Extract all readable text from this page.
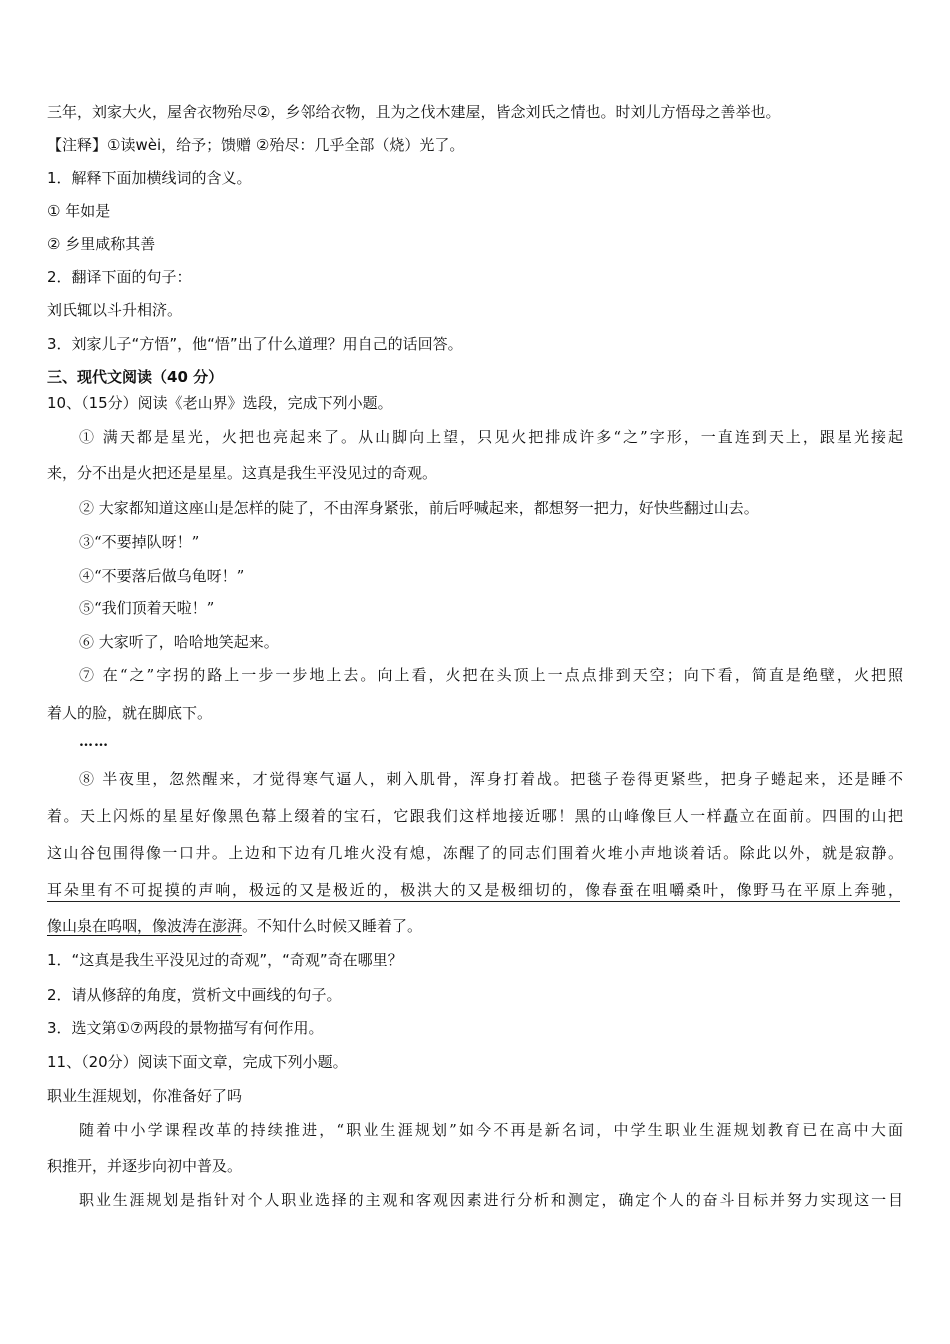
三年，刘家大火，屋舍衣物殆尽②，乡邻给衣物，且为之伐木建屋，皆念刘氏之情也。时刘儿方悟母之善举也。
【注释】①读wèi，给予；馈赠 ②殆尽：几乎全部（烧）光了。
1．解释下面加横线词的含义。
① 年如是
② 乡里咸称其善
2．翻译下面的句子：
刘氏辄以斗升相济。
3．刘家儿子“方悟”，他“悟”出了什么道理？用自己的话回答。
三、现代文阅读（40 分）
10、（15分）阅读《老山界》选段，完成下列小题。
① 满天都是星光，火把也亮起来了。从山脚向上望，只见火把排成许多“之”字形，一直连到天上，跟星光接起
来，分不出是火把还是星星。这真是我生平没见过的奇观。
② 大家都知道这座山是怎样的陡了，不由浑身紧张，前后呼喊起来，都想努一把力，好快些翻过山去。
③“不要掉队呀！”
④“不要落后做乌龟呀！”
⑤“我们顶着天啦！”
⑥ 大家听了，哈哈地笑起来。
⑦ 在“之”字拐的路上一步一步地上去。向上看，火把在头顶上一点点排到天空；向下看，简直是绝壁，火把照
着人的脸，就在脚底下。
……
⑧ 半夜里，忽然醒来，才觉得寒气逼人，刺入肌骨，浑身打着战。把毯子卷得更紧些，把身子蜷起来，还是睡不
着。天上闪烁的星星好像黑色幕上缀着的宝石，它跟我们这样地接近哪！黑的山峰像巨人一样矗立在面前。四围的山把
这山谷包围得像一口井。上边和下边有几堆火没有熄，冻醒了的同志们围着火堆小声地谈着话。除此以外，就是寂静。
耳朵里有不可捉摸的声响，极远的又是极近的，极洪大的又是极细切的，像春蚕在咀嚼桑叶，像野马在平原上奔驰，
像山泉在呜咽，像波涛在澎湃。不知什么时候又睡着了。
1．“这真是我生平没见过的奇观”，“奇观”奇在哪里？
2．请从修辞的角度，赏析文中画线的句子。
3．选文第①⑦两段的景物描写有何作用。
11、（20分）阅读下面文章，完成下列小题。
职业生涯规划，你准备好了吗
随着中小学课程改革的持续推进，“职业生涯规划”如今不再是新名词，中学生职业生涯规划教育已在高中大面
积推开，并逐步向初中普及。
职业生涯规划是指针对个人职业选择的主观和客观因素进行分析和测定，确定个人的奋斗目标并努力实现这一目
